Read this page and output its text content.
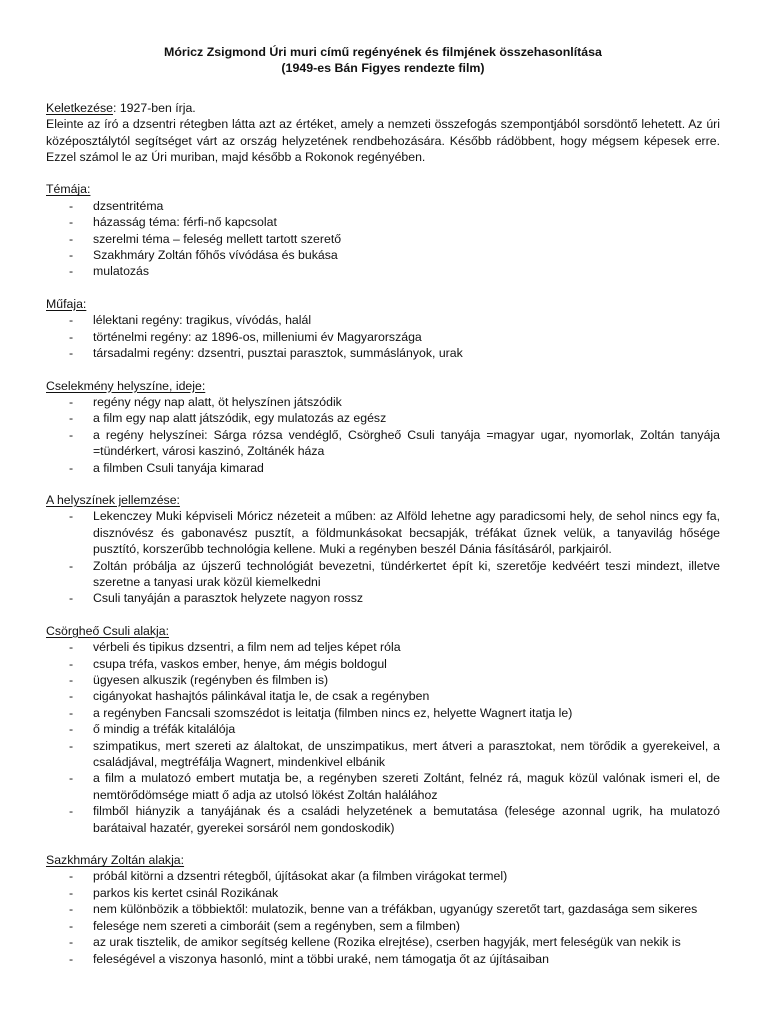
Móricz Zsigmond Úri muri című regényének és filmjének összehasonlítása
(1949-es Bán Figyes rendezte film)
Keletkezése: 1927-ben írja.
Eleinte az író a dzsentri rétegben látta azt az értéket, amely a nemzeti összefogás szempontjából sorsdöntő lehetett. Az úri középosztálytól segítséget várt az ország helyzetének rendbehozására. Később rádöbbent, hogy mégsem képesek erre. Ezzel számol le az Úri muriban, majd később a Rokonok regényében.
Témája:
- dzsentritéma
- házasság téma: férfi-nő kapcsolat
- szerelmi téma – feleség mellett tartott szerető
- Szakhmáry Zoltán főhős vívódása és bukása
- mulatozás
Műfaja:
- lélektani regény: tragikus, vívódás, halál
- történelmi regény: az 1896-os, milleniumi év Magyarországa
- társadalmi regény: dzsentri, pusztai parasztok, summáslányok, urak
Cselekmény helyszíne, ideje:
- regény négy nap alatt, öt helyszínen játszódik
- a film egy nap alatt játszódik, egy mulatozás az egész
- a regény helyszínei: Sárga rózsa vendéglő, Csörgheő Csuli tanyája =magyar ugar, nyomorlak, Zoltán tanyája =tündérkert, városi kaszinó, Zoltánék háza
- a filmben Csuli tanyája kimarad
A helyszínek jellemzése:
- Lekenczey Muki képviseli Móricz nézeteit a műben: az Alföld lehetne agy paradicsomi hely, de sehol nincs egy fa, disznóvész és gabonavész pusztít, a földmunkásokat becsapják, tréfákat űznek velük, a tanyavilág hősége pusztító, korszerűbb technológia kellene. Muki a regényben beszél Dánia fásításáról, parkjairól.
- Zoltán próbálja az újszerű technológiát bevezetni, tündérkertet épít ki, szeretője kedvéért teszi mindezt, illetve szeretne a tanyasi urak közül kiemelkedni
- Csuli tanyáján a parasztok helyzete nagyon rossz
Csörgheő Csuli alakja:
- vérbeli és tipikus dzsentri, a film nem ad teljes képet róla
- csupa tréfa, vaskos ember, henye, ám mégis boldogul
- ügyesen alkuszik (regényben és filmben is)
- cigányokat hashajtós pálinkával itatja le, de csak a regényben
- a regényben Fancsali szomszédot is leitatja (filmben nincs ez, helyette Wagnert itatja le)
- ő mindig a tréfák kitalálója
- szimpatikus, mert szereti az álaltokat, de unszimpatikus, mert átveri a parasztokat, nem törődik a gyerekeivel, a családjával, megtréfálja Wagnert, mindenkivel elbánik
- a film a mulatozó embert mutatja be, a regényben szereti Zoltánt, felnéz rá, maguk közül valónak ismeri el, de nemtörődömsége miatt ő adja az utolsó lökést Zoltán halálához
- filmből hiányzik a tanyájának és a családi helyzetének a bemutatása (felesége azonnal ugrik, ha mulatozó barátaival hazatér, gyerekei sorsáról nem gondoskodik)
Sazkhmáry Zoltán alakja:
- próbál kitörni a dzsentri rétegből, újításokat akar (a filmben virágokat termel)
- parkos kis kertet csinál Rozikának
- nem különbözik a többiektől: mulatozik, benne van a tréfákban, ugyanúgy szeretőt tart, gazdasága sem sikeres
- felesége nem szereti a cimboráit (sem a regényben, sem a filmben)
- az urak tisztelik, de amikor segítség kellene (Rozika elrejtése), cserben hagyják, mert feleségük van nekik is
- feleségével a viszonya hasonló, mint a többi uraké, nem támogatja őt az újításaiban
